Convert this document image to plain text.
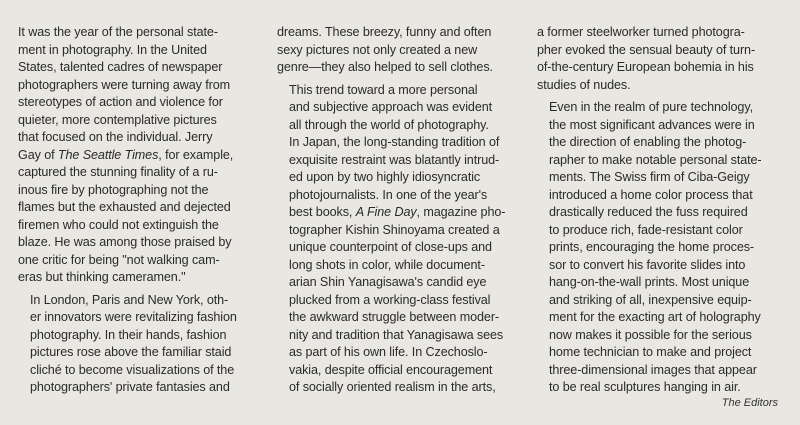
It was the year of the personal state-
ment in photography. In the United
States, talented cadres of newspaper
photographers were turning away from
stereotypes of action and violence for
quieter, more contemplative pictures
that focused on the individual. Jerry
Gay of The Seattle Times, for example,
captured the stunning finality of a ru-
inous fire by photographing not the
flames but the exhausted and dejected
firemen who could not extinguish the
blaze. He was among those praised by
one critic for being "not walking cam-
eras but thinking cameramen."

In London, Paris and New York, oth-
er innovators were revitalizing fashion
photography. In their hands, fashion
pictures rose above the familiar staid
cliché to become visualizations of the
photographers' private fantasies and

dreams. These breezy, funny and often
sexy pictures not only created a new
genre—they also helped to sell clothes.

This trend toward a more personal
and subjective approach was evident
all through the world of photography.
In Japan, the long-standing tradition of
exquisite restraint was blatantly intrud-
ed upon by two highly idiosyncratic
photojournalists. In one of the year's
best books, A Fine Day, magazine pho-
tographer Kishin Shinoyama created a
unique counterpoint of close-ups and
long shots in color, while document-
arian Shin Yanagisawa's candid eye
plucked from a working-class festival
the awkward struggle between moder-
nity and tradition that Yanagisawa sees
as part of his own life. In Czechoslo-
vakia, despite official encouragement
of socially oriented realism in the arts,

a former steelworker turned photogra-
pher evoked the sensual beauty of turn-
of-the-century European bohemia in his
studies of nudes.

Even in the realm of pure technology,
the most significant advances were in
the direction of enabling the photog-
rapher to make notable personal state-
ments. The Swiss firm of Ciba-Geigy
introduced a home color process that
drastically reduced the fuss required
to produce rich, fade-resistant color
prints, encouraging the home proces-
sor to convert his favorite slides into
hang-on-the-wall prints. Most unique
and striking of all, inexpensive equip-
ment for the exacting art of holography
now makes it possible for the serious
home technician to make and project
three-dimensional images that appear
to be real sculptures hanging in air.

The Editors
